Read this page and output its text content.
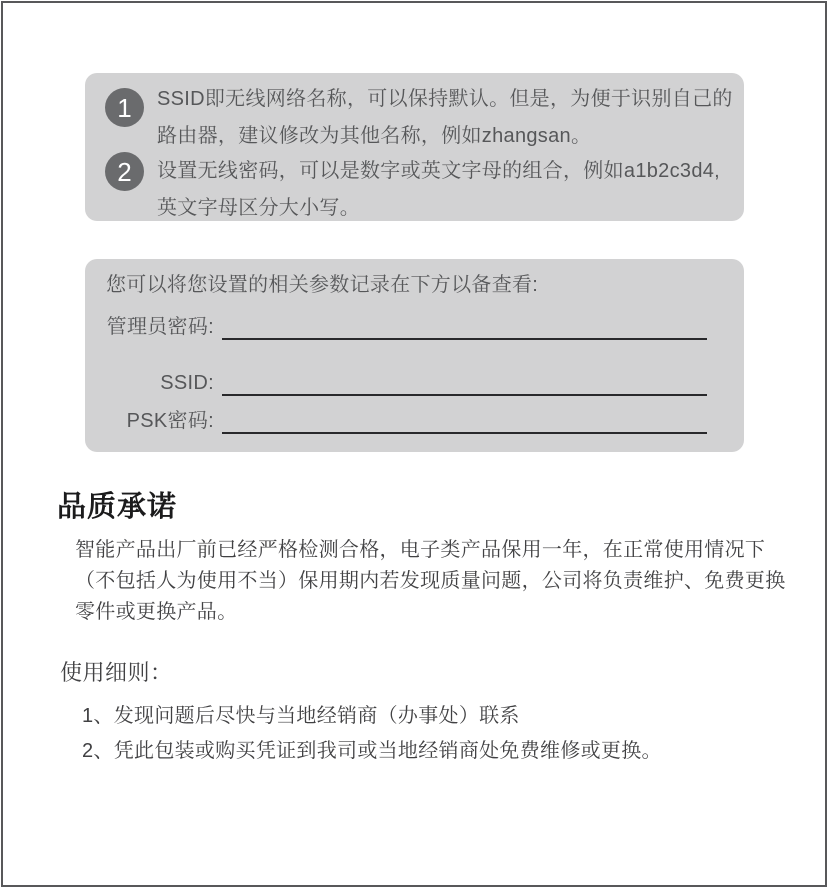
1 SSID即无线网络名称，可以保持默认。但是，为便于识别自己的
路由器，建议修改为其他名称，例如zhangsan。
2 设置无线密码，可以是数字或英文字母的组合，例如a1b2c3d4,
英文字母区分大小写。
您可以将您设置的相关参数记录在下方以备查看:
管理员密码:
SSID:
PSK密码:
品质承诺
智能产品出厂前已经严格检测合格，电子类产品保用一年，在正常使用情况下
（不包括人为使用不当）保用期内若发现质量问题，公司将负责维护、免费更换
零件或更换产品。
使用细则：
1、发现问题后尽快与当地经销商（办事处）联系
2、凭此包装或购买凭证到我司或当地经销商处免费维修或更换。
